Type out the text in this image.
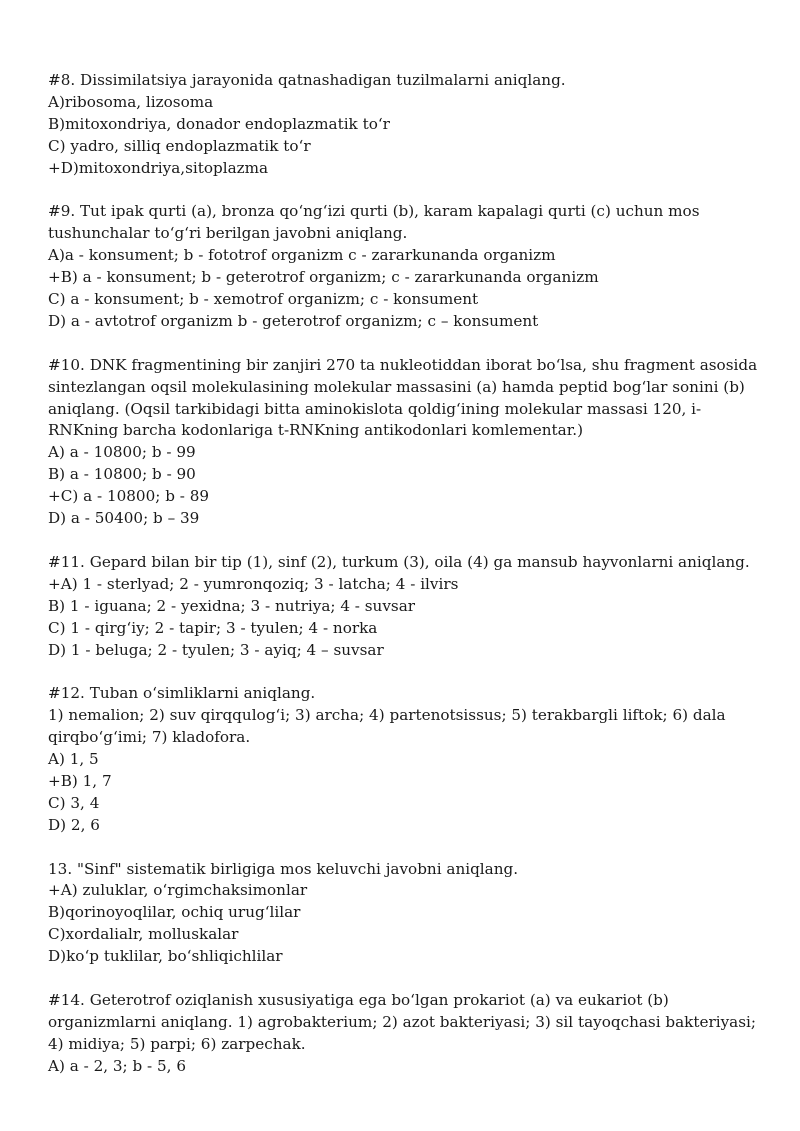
#8. Dissimilatsiya jarayonida qatnashadigan tuzilmalarni aniqlang.
A)ribosoma, lizosoma
B)mitoxondriya, donador endoplazmatik to‘r
C) yadro, silliq endoplazmatik to‘r
+D)mitoxondriya,sitoplazma
#9. Tut ipak qurti (a), bronza qo‘ng‘izi qurti (b), karam kapalagi qurti (c) uchun mos tushunchalar to‘g‘ri berilgan javobni aniqlang.
A)a - konsument; b - fototrof organizm c - zararkunanda organizm
+B) a - konsument; b - geterotrof organizm; c - zararkunanda organizm
C) a - konsument; b - xemotrof organizm; c - konsument
D) a - avtotrof organizm b - geterotrof organizm; c – konsument
#10. DNK fragmentining bir zanjiri 270 ta nukleotiddan iborat bo‘lsa, shu fragment asosida sintezlangan oqsil molekulasining molekular massasini (a) hamda peptid bog‘lar sonini (b) aniqlang. (Oqsil tarkibidagi bitta aminokislota qoldig‘ining molekular massasi 120, i-RNKning barcha kodonlariga t-RNKning antikodonlari komlementar.)
A) a - 10800; b - 99
B) a - 10800; b - 90
+C) a - 10800; b - 89
D) a - 50400; b – 39
#11. Gepard bilan bir tip (1), sinf (2), turkum (3), oila (4) ga mansub hayvonlarni aniqlang.
+A) 1 - sterlyad; 2 - yumronqoziq; 3 - latcha; 4 - ilvirs
B) 1 - iguana; 2 - yexidna; 3 - nutriya; 4 - suvsar
C) 1 - qirg‘iy; 2 - tapir; 3 - tyulen; 4 - norka
D) 1 - beluga; 2 - tyulen; 3 - ayiq; 4 – suvsar
#12. Tuban o‘simliklarni aniqlang.
1) nemalion; 2) suv qirqqulog‘i; 3) archa; 4) partenotsissus; 5) terakbargli liftok; 6) dala qirqbo‘g‘imi; 7) kladofora.
A) 1, 5
+B) 1, 7
C) 3, 4
D) 2, 6
13. "Sinf" sistematik birligiga mos keluvchi javobni aniqlang.
+A) zuluklar, o‘rgimchaksimonlar
B)qorinoyoqlilar, ochiq urug‘lilar
C)xordalialr, molluskalar
D)ko‘p tuklilar, bo‘shliqichlilar
#14. Geterotrof oziqlanish xususiyatiga ega bo‘lgan prokariot (a) va eukariot (b) organizmlarni aniqlang. 1) agrobakterium; 2) azot bakteriyasi; 3) sil tayoqchasi bakteriyasi; 4) midiya; 5) parpi; 6) zarpechak.
A) a - 2, 3; b - 5, 6
